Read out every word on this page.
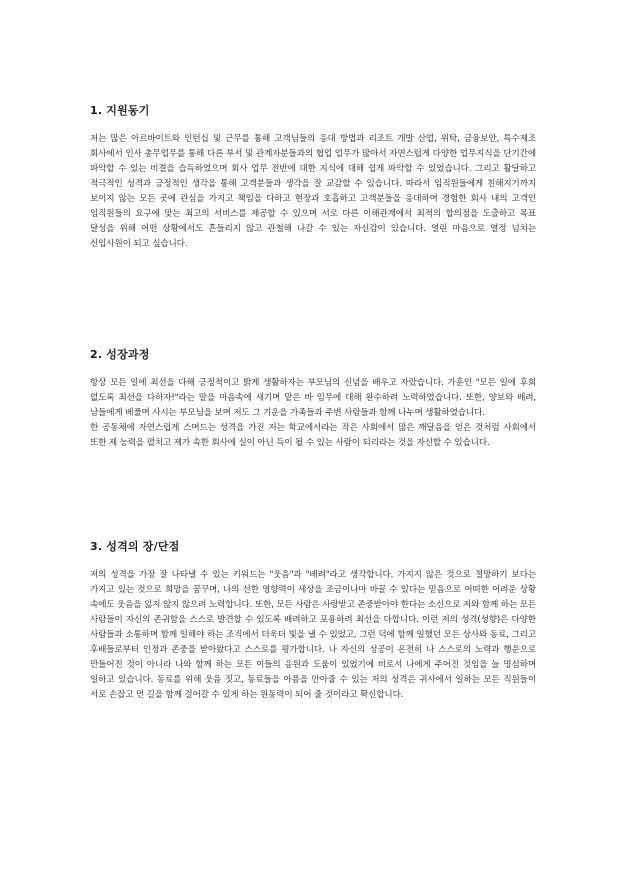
1. 지원동기

저는 많은 아르바이트와 인턴십 및 근무를 통해 고객님들의 응대 방법과 리조트 개발 산업, 위탁, 금융보안, 특수제조 회사에서 인사 총무업무를 통해 다른 부서 및 관계자분들과의 협업 업무가 많아서 자연스럽게 다양한 업무지식을 단기간에 파악할 수 있는 비결을 습득하였으며 회사 업무 전반에 대한 지식에 대해 쉽게 파악할 수 있었습니다. 그리고 활달하고 적극적인 성격과 긍정적인 생각을 통해 고객분들과 생각을 잘 교감할 수 있습니다. 따라서 임직원들에게 친해지기까지 보이지 않는 모든 곳에 관심을 가지고 책임을 다하고 현장과 호흡하고 고객분들을 응대하며 경험한 회사 내의 고객인 임직원들의 요구에 맞는 최고의 서비스를 제공할 수 있으며 서로 다른 이해관계에서 최적의 합의점을 도출하고 목표 달성을 위해 어떤 상황에서도 흔들리지 않고 관철해 나갈 수 있는 자신감이 있습니다. 열린 마음으로 열정 넘치는 신입사원이 되고 싶습니다.

2. 성장과정

항상 모든 일에 최선을 다해 긍정적이고 밝게 생활하자는 부모님의 신념을 배우고 자랐습니다. 가훈인 "모든 일에 후회 없도록 최선을 다하자!"라는 말을 마음속에 새기며 맡은 바 임무에 대해 완수하려 노력하였습니다. 또한, 양보와 배려, 남들에게 베풀며 사시는 부모님을 보며 저도 그 기운을 가족들과 주변 사람들과 함께 나누며 생활하였습니다.

한 공동체에 자연스럽게 스며드는 성격을 가진 저는 학교에서라는 작은 사회에서 많은 깨달음을 얻은 것처럼 사회에서 또한 제 능력을 펼치고 제가 속한 회사에 실이 아닌 득이 될 수 있는 사람이 되리라는 것을 자신할 수 있습니다.

3. 성격의 장/단점

저의 성격을 가장 잘 나타낼 수 있는 키워드는 "웃음"과 "배려"라고 생각합니다. 가지지 않은 것으로 절망하기 보다는 가지고 있는 것으로 희망을 꿈꾸며, 나의 선한 영향력이 세상을 조금이나마 바꿀 수 있다는 믿음으로 어떠한 어려운 상황 속에도 웃음을 잃지 않지 않으려 노력합니다. 또한, 모든 사람은 사랑받고 존중받아야 한다는 소신으로 저와 함께 하는 모든 사람들이 자신의 존귀함을 스스로 발견할 수 있도록 배려하고 포용하려 최선을 다합니다. 이런 저의 성격(성향)은 다양한 사람들과 소통하며 함께 일해야 하는 조직에서 더욱더 빛을 낼 수 있었고, 그런 덕에 함께 일했던 모든 상사와 동료, 그리고 후배들로부터 인정과 존중을 받아왔다고 스스로를 평가합니다. 나 자신의 성공이 온전히 나 스스로의 노력과 행운으로 만들어진 것이 아니라 나와 함께 하는 모든 이들의 응원과 도움이 있었기에 비로서 나에게 주어진 것임을 늘 명심하며 일하고 있습니다. 동료를 위해 웃음 짓고, 동료들을 아픔을 안아줄 수 있는 저의 성격은 귀사에서 일하는 모든 직원들이 서로 손잡고 먼 길을 함께 걸어갈 수 있게 하는 원동력이 되어 줄 것이라고 확신합니다.
